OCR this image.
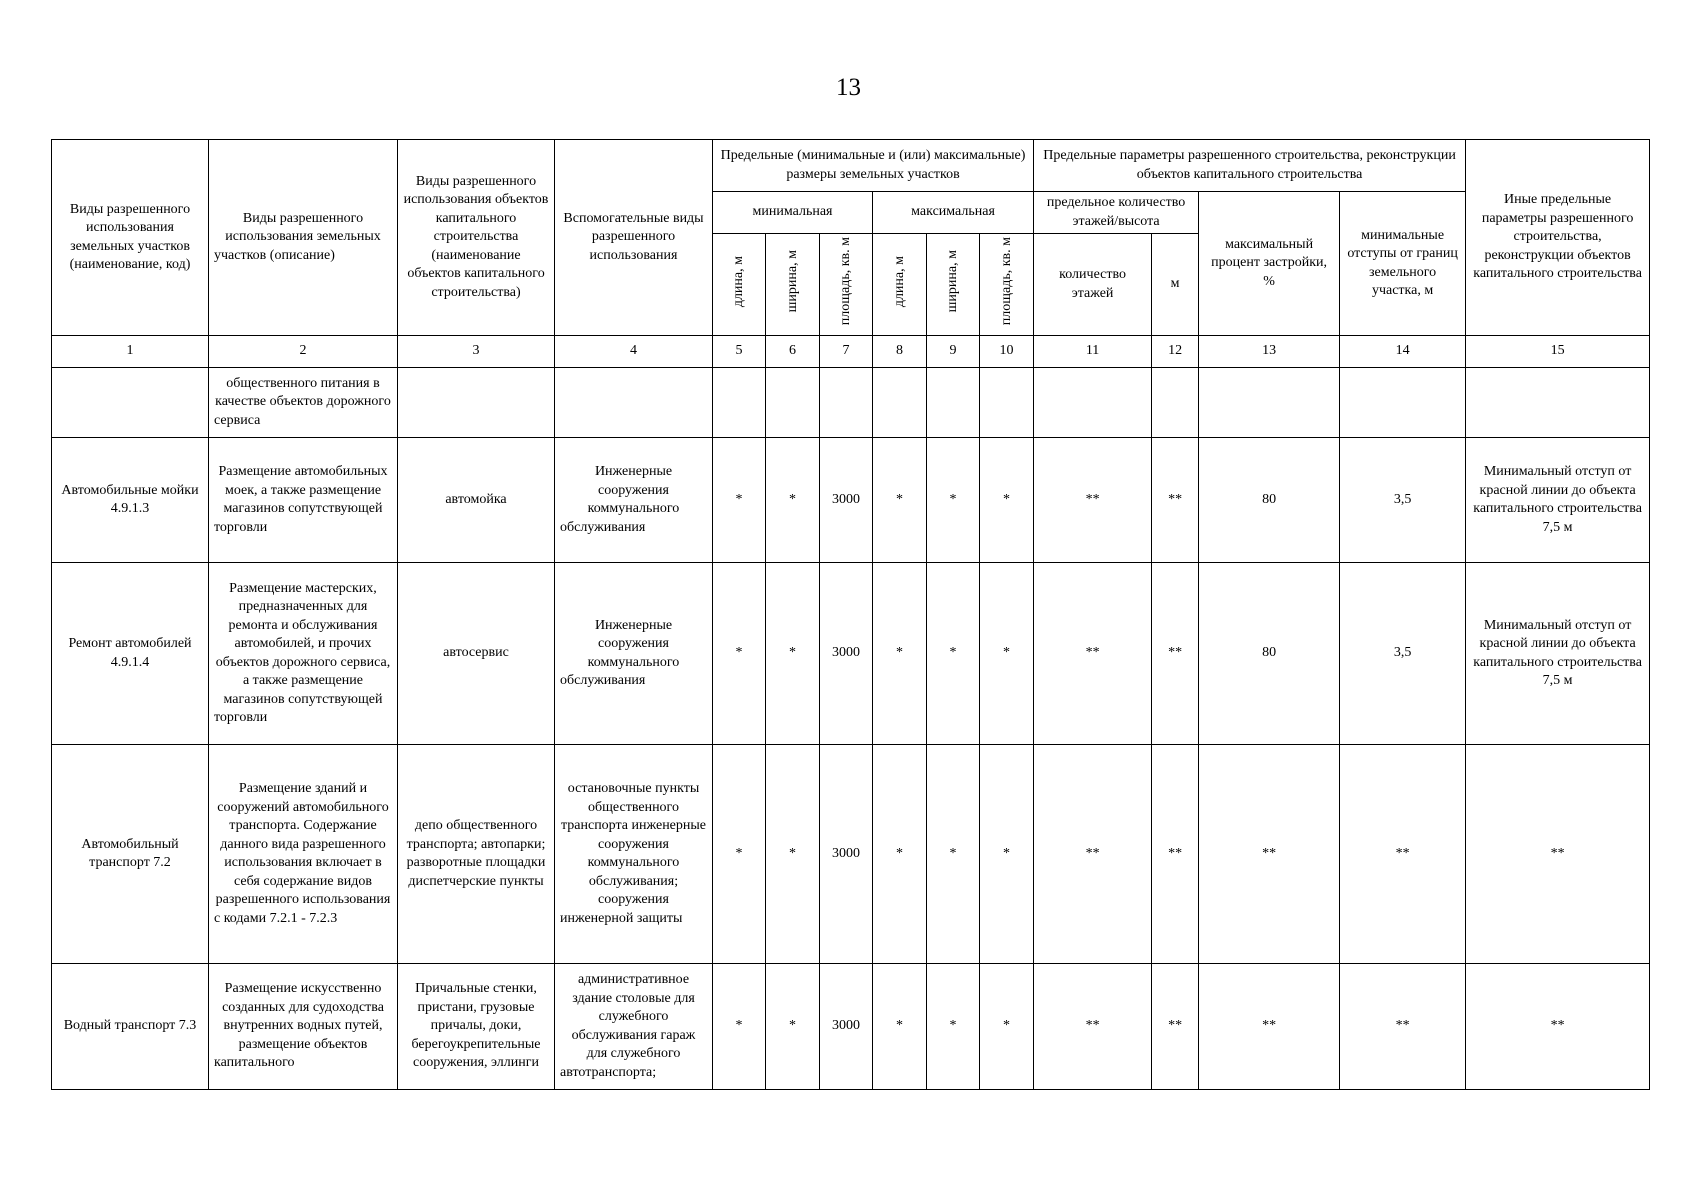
13
Виды разрешенного использования земельных участков (наименование, код)	Виды разрешенного использования земельных участков (описание)	Виды разрешенного использования объектов капитального строительства (наименование объектов капитального строительства)	Вспомогательные виды разрешенного использования	Предельные (минимальные и (или) максимальные) размеры земельных участков						Предельные параметры разрешенного строительства, реконструкции объектов капитального строительства				Иные предельные параметры разрешенного строительства, реконструкции объектов капитального строительства
				минимальная			максимальная			предельное количество этажей/высота		максимальный процент застройки, %	минимальные отступы от границ земельного участка, м	
				длина, м	ширина, м	площадь, кв. м	длина, м	ширина, м	площадь, кв. м	количество этажей	м			
1	2	3	4	5	6	7	8	9	10	11	12	13	14	15
	общественного питания в качестве объектов дорожного сервиса													
Автомобильные мойки 4.9.1.3	Размещение автомобильных моек, а также размещение магазинов сопутствующей торговли	автомойка	Инженерные сооружения коммунального обслуживания	*	*	3000	*	*	*	**	**	80	3,5	Минимальный отступ от красной линии до объекта капитального строительства 7,5 м
Ремонт автомобилей 4.9.1.4	Размещение мастерских, предназначенных для ремонта и обслуживания автомобилей, и прочих объектов дорожного сервиса, а также размещение магазинов сопутствующей торговли	автосервис	Инженерные сооружения коммунального обслуживания	*	*	3000	*	*	*	**	**	80	3,5	Минимальный отступ от красной линии до объекта капитального строительства 7,5 м
Автомобильный транспорт 7.2	Размещение зданий и сооружений автомобильного транспорта. Содержание данного вида разрешенного использования включает в себя содержание видов разрешенного использования с кодами 7.2.1 - 7.2.3	депо общественного транспорта; автопарки; разворотные площадки диспетчерские пункты	остановочные пункты общественного транспорта инженерные сооружения коммунального обслуживания; сооружения инженерной защиты	*	*	3000	*	*	*	**	**	**	**	**
Водный транспорт 7.3	Размещение искусственно созданных для судоходства внутренних водных путей, размещение объектов капитального	Причальные стенки, пристани, грузовые причалы, доки, берегоукрепительные сооружения, эллинги	административное здание столовые для служебного обслуживания гараж для служебного автотранспорта;	*	*	3000	*	*	*	**	**	**	**	**
